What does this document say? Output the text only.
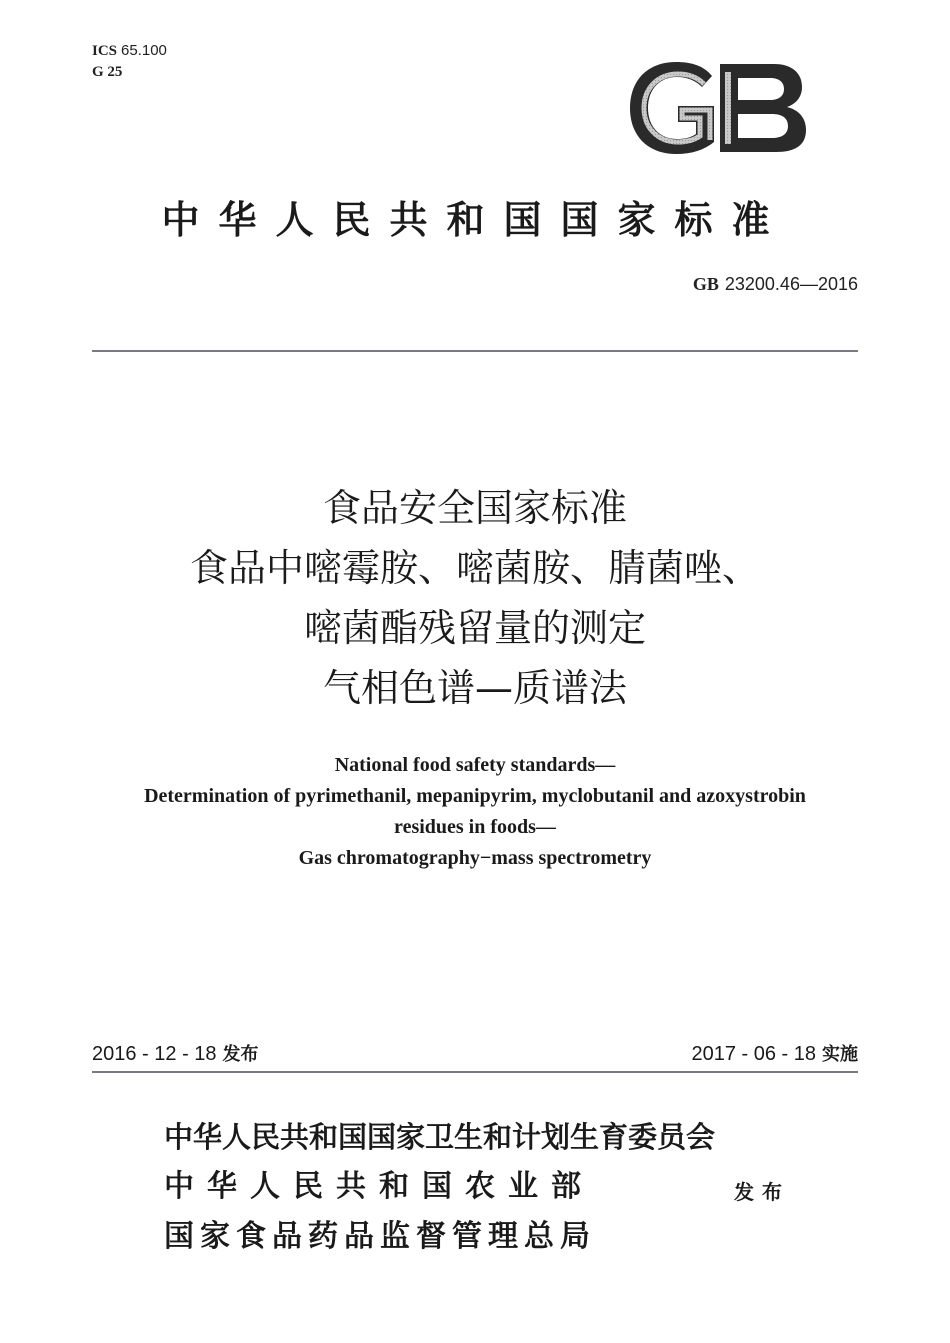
ICS 65.100
G 25
中华人民共和国国家标准
GB 23200.46—2016
食品安全国家标准
食品中嘧霉胺、嘧菌胺、腈菌唑、
嘧菌酯残留量的测定
气相色谱—质谱法
National food safety standards—
Determination of pyrimethanil, mepanipyrim, myclobutanil and azoxystrobin
residues in foods—
Gas chromatography−mass spectrometry
2016 - 12 - 18 发布	2017 - 06 - 18 实施
中华人民共和国国家卫生和计划生育委员会
中华人民共和国农业部
国家食品药品监督管理总局
发布
